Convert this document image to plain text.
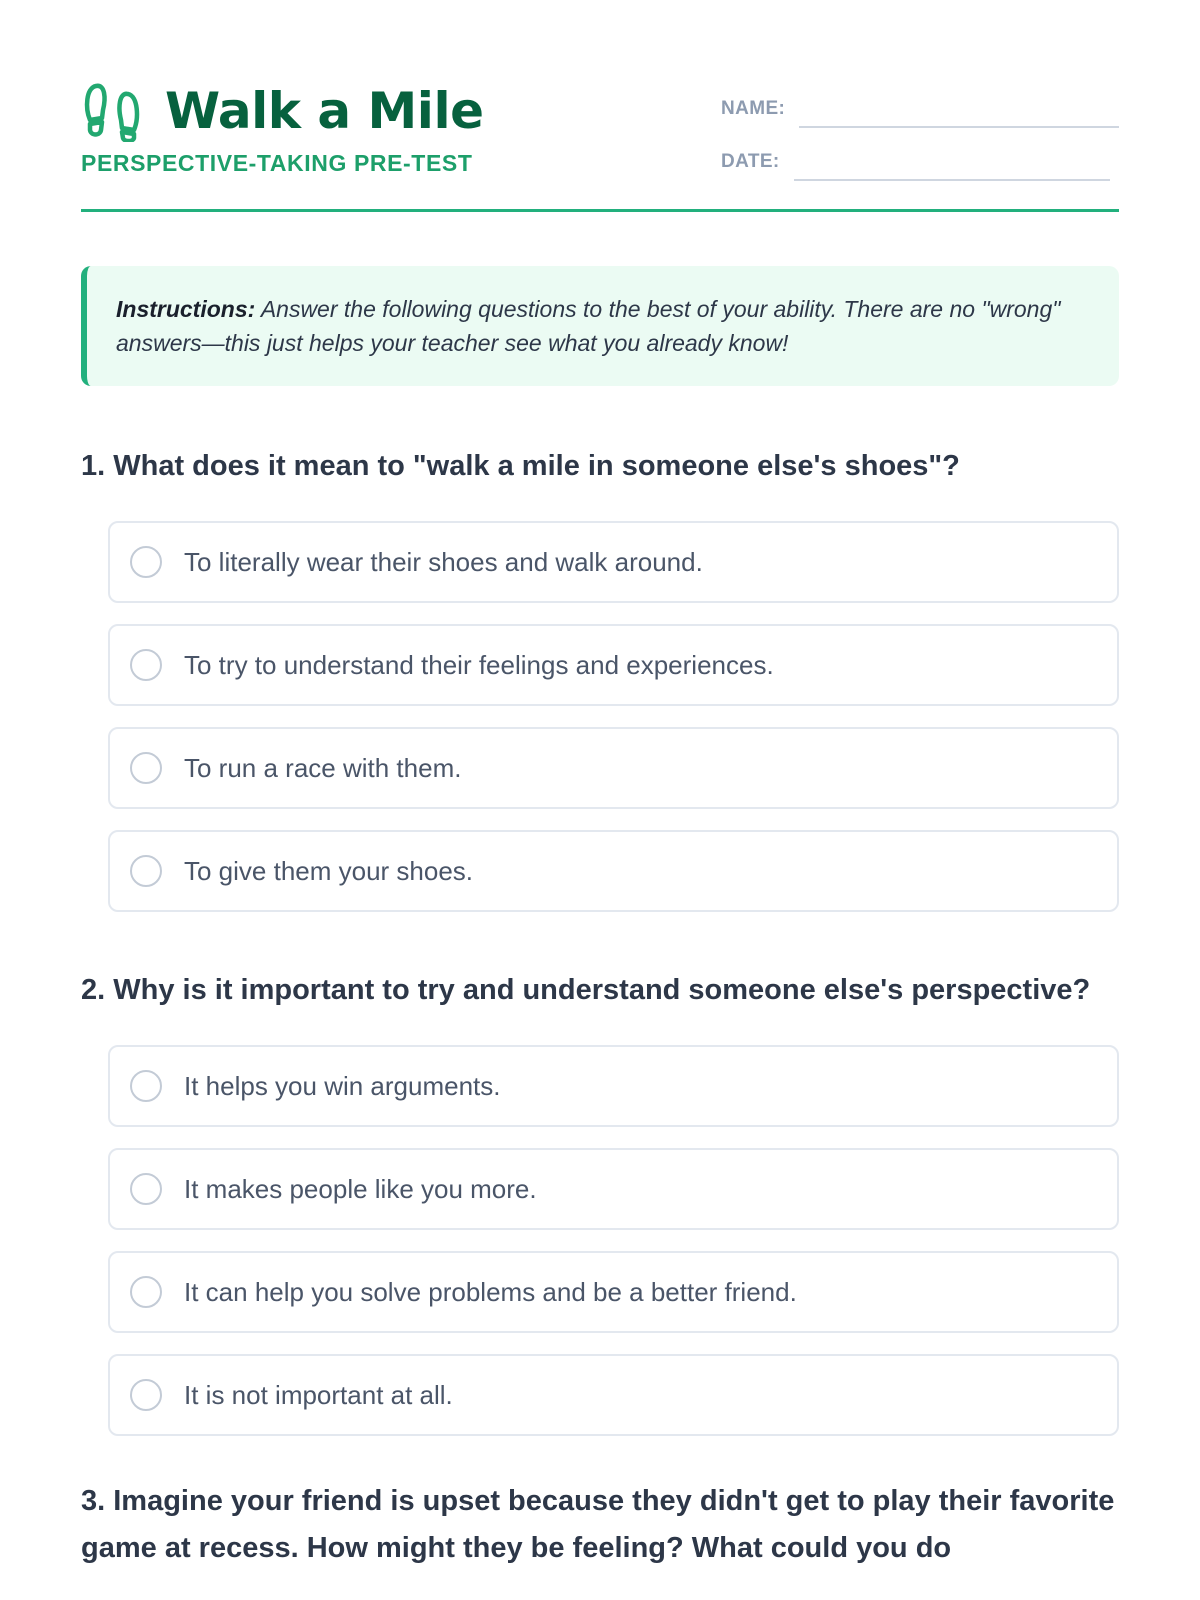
Walk a Mile
PERSPECTIVE-TAKING PRE-TEST
NAME:
DATE:
Instructions: Answer the following questions to the best of your ability. There are no "wrong" answers—this just helps your teacher see what you already know!
1. What does it mean to "walk a mile in someone else's shoes"?
To literally wear their shoes and walk around.
To try to understand their feelings and experiences.
To run a race with them.
To give them your shoes.
2. Why is it important to try and understand someone else's perspective?
It helps you win arguments.
It makes people like you more.
It can help you solve problems and be a better friend.
It is not important at all.
3. Imagine your friend is upset because they didn't get to play their favorite game at recess. How might they be feeling? What could you do
